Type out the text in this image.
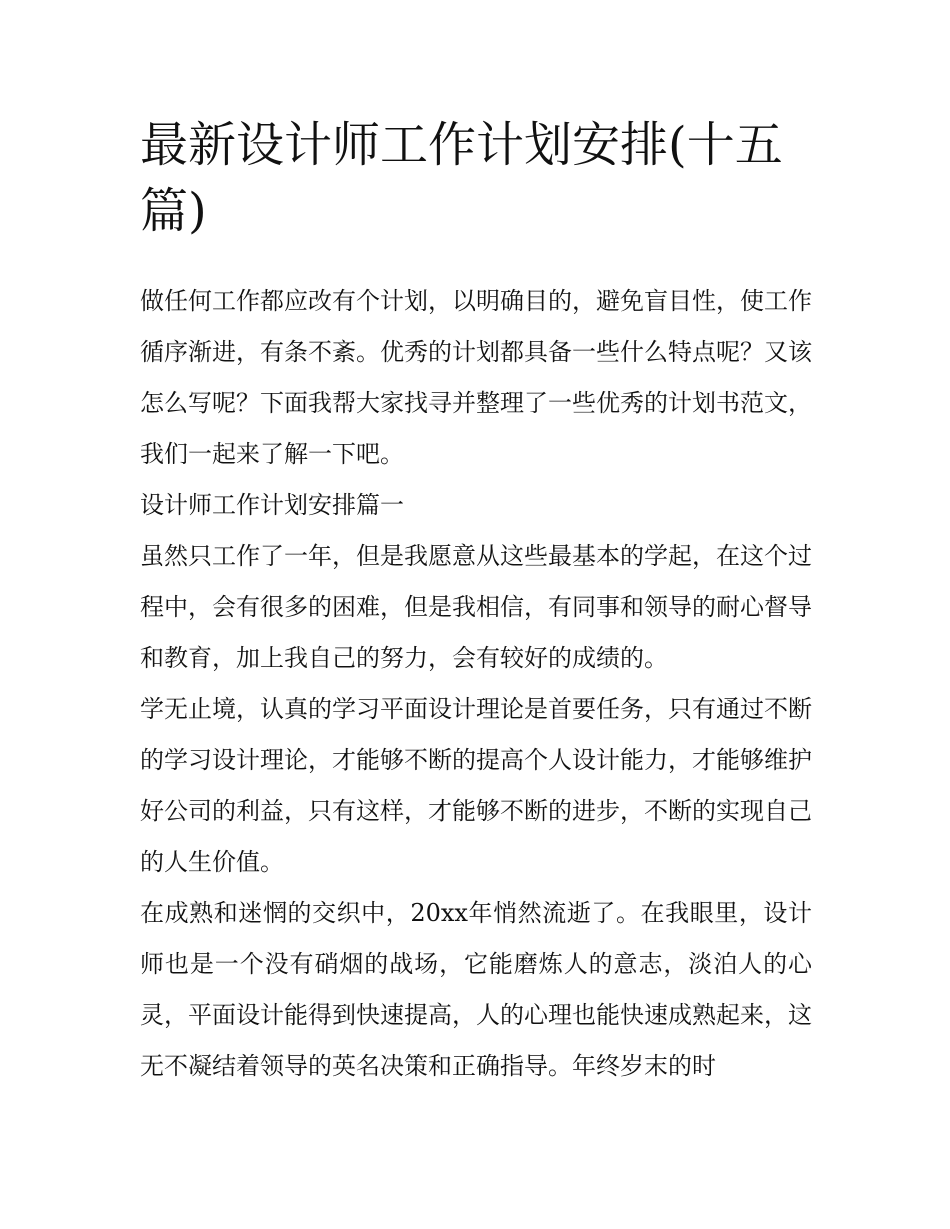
最新设计师工作计划安排(十五篇)

做任何工作都应改有个计划，以明确目的，避免盲目性，使工作循序渐进，有条不紊。优秀的计划都具备一些什么特点呢？又该怎么写呢？下面我帮大家找寻并整理了一些优秀的计划书范文，我们一起来了解一下吧。

设计师工作计划安排篇一

虽然只工作了一年，但是我愿意从这些最基本的学起，在这个过程中，会有很多的困难，但是我相信，有同事和领导的耐心督导和教育，加上我自己的努力，会有较好的成绩的。

学无止境，认真的学习平面设计理论是首要任务，只有通过不断的学习设计理论，才能够不断的提高个人设计能力，才能够维护好公司的利益，只有这样，才能够不断的进步，不断的实现自己的人生价值。

在成熟和迷惘的交织中，20xx年悄然流逝了。在我眼里，设计师也是一个没有硝烟的战场，它能磨炼人的意志，淡泊人的心灵，平面设计能得到快速提高，人的心理也能快速成熟起来，这无不凝结着领导的英名决策和正确指导。年终岁末的时
